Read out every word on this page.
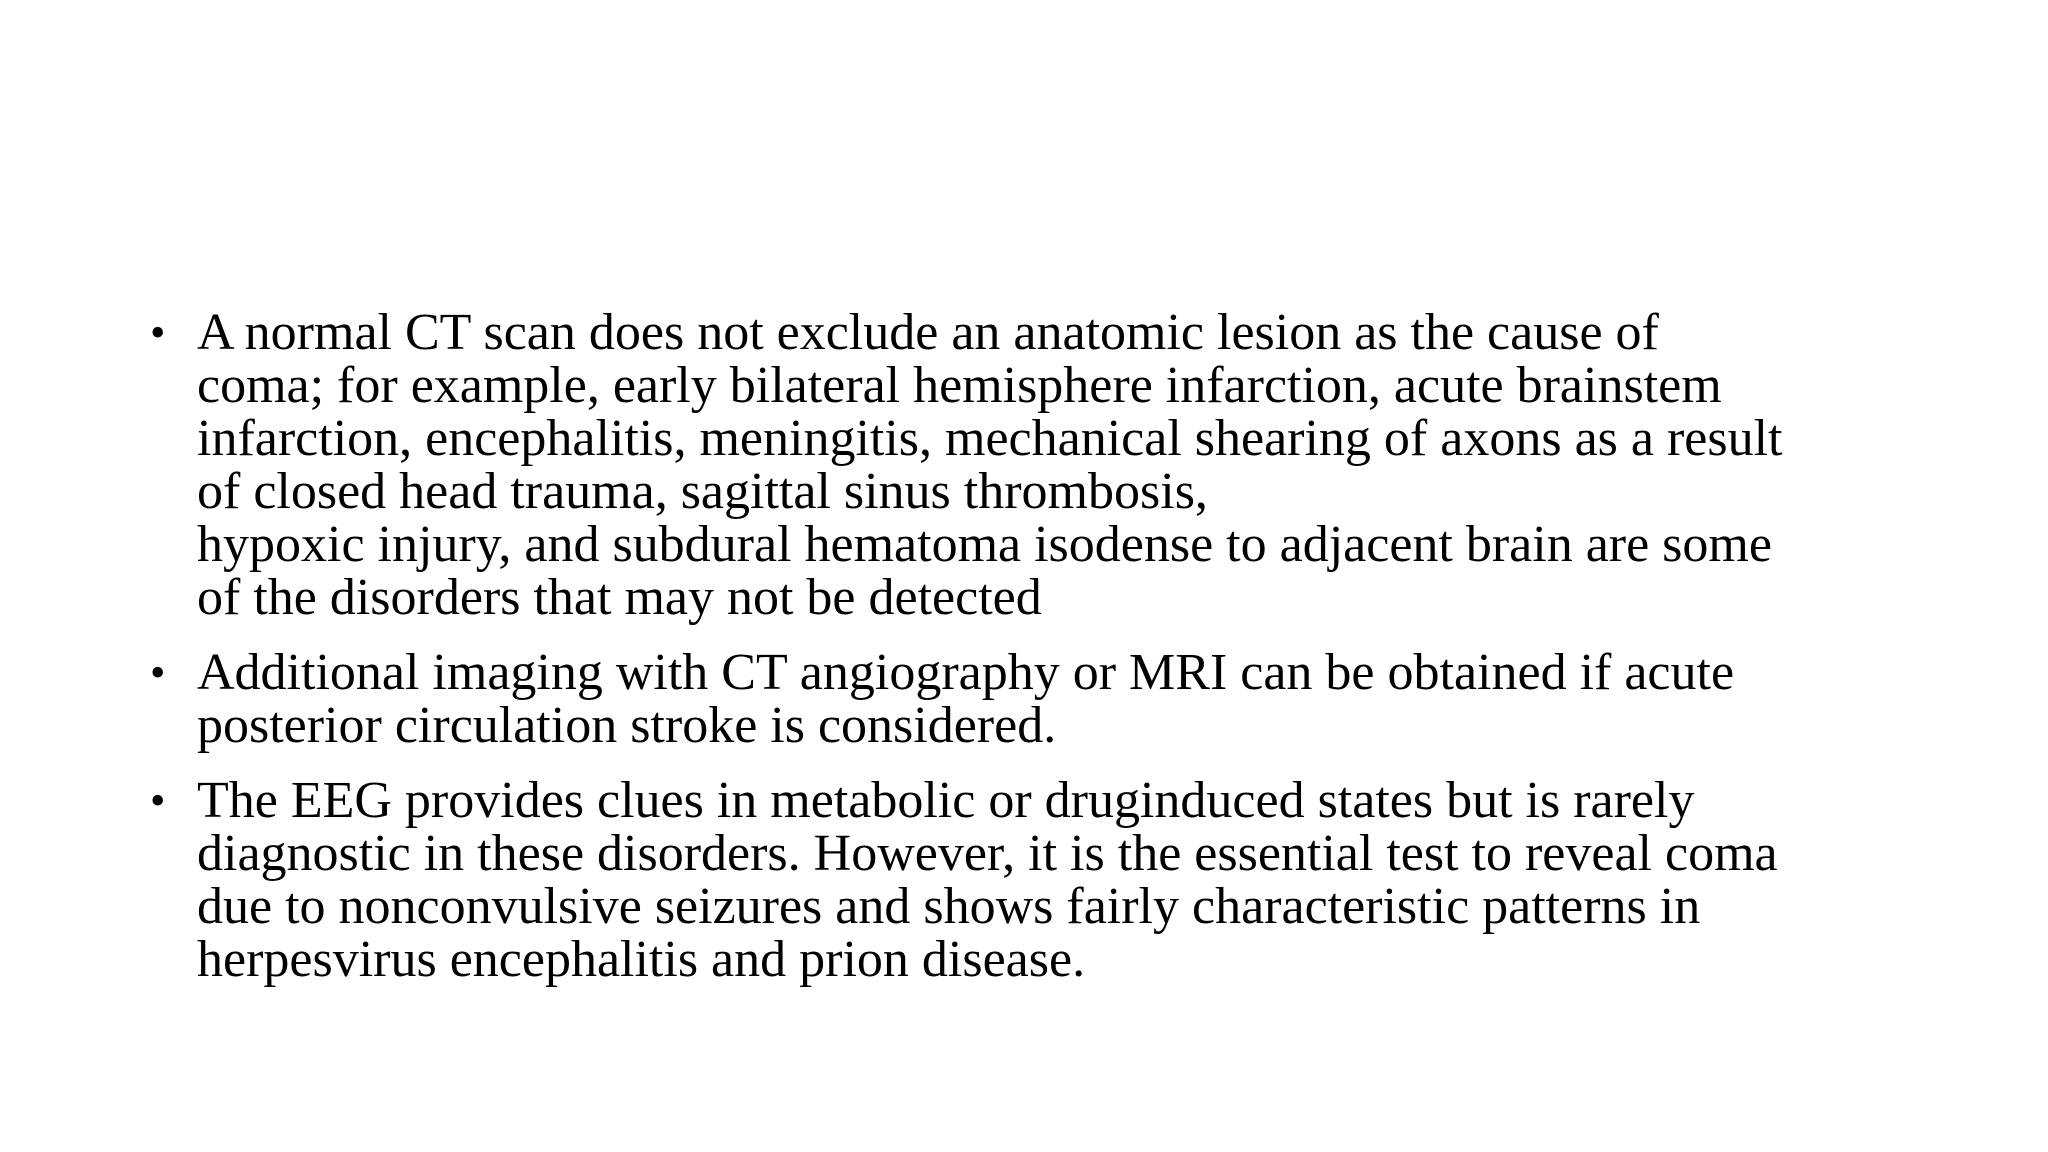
• A normal CT scan does not exclude an anatomic lesion as the cause of
coma; for example, early bilateral hemisphere infarction, acute brainstem
infarction, encephalitis, meningitis, mechanical shearing of axons as a result
of closed head trauma, sagittal sinus thrombosis,
hypoxic injury, and subdural hematoma isodense to adjacent brain are some
of the disorders that may not be detected
• Additional imaging with CT angiography or MRI can be obtained if acute
posterior circulation stroke is considered.
• The EEG provides clues in metabolic or druginduced states but is rarely
diagnostic in these disorders. However, it is the essential test to reveal coma
due to nonconvulsive seizures and shows fairly characteristic patterns in
herpesvirus encephalitis and prion disease.
